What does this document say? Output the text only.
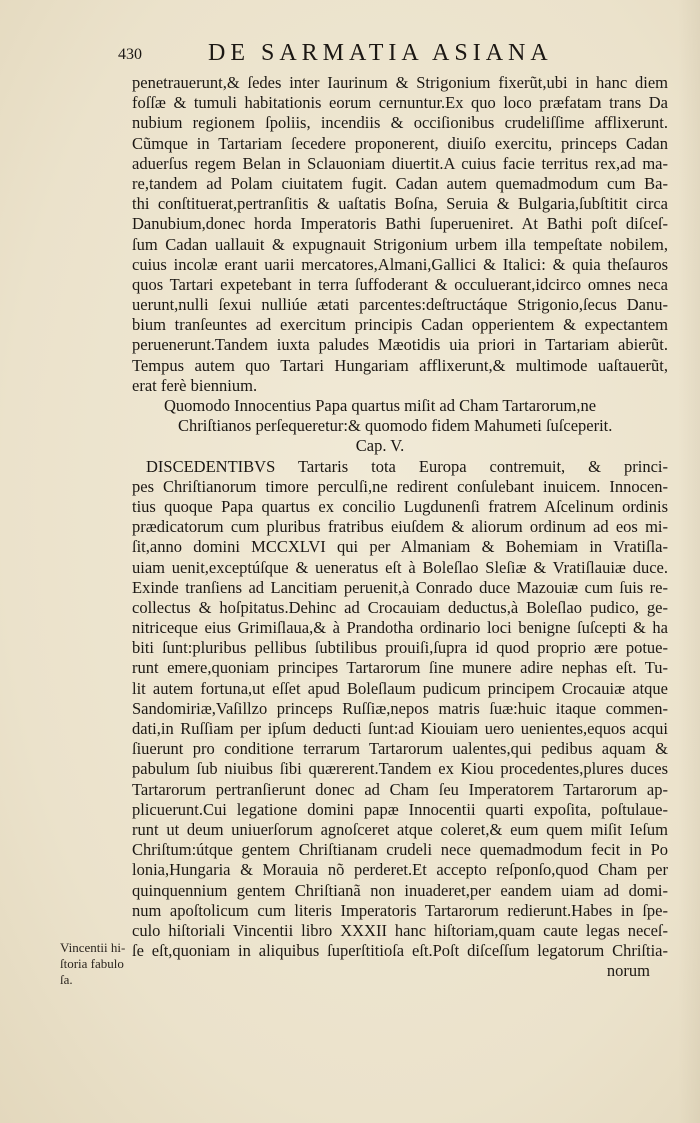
430	DE SARMATIA ASIANA
penetrauerunt,& ſedes inter Iaurinum & Strigonium fixerũt,ubi in hanc diem
foſſæ & tumuli habitationis eorum cernuntur.Ex quo loco præfatam trans Da
nubium regionem ſpoliis, incendiis & occiſionibus crudeliſſime afflixerunt.
Cũmque in Tartariam ſecedere proponerent, diuiſo exercitu, princeps Cadan
aduerſus regem Belan in Sclauoniam diuertit.A cuius facie territus rex,ad ma-
re,tandem ad Polam ciuitatem fugit. Cadan autem quemadmodum cum Ba-
thi conſtituerat,pertranſitis & uaſtatis Boſna, Seruia & Bulgaria,ſubſtitit circa
Danubium,donec horda Imperatoris Bathi ſuperueniret. At Bathi poſt diſceſ-
ſum Cadan uallauit & expugnauit Strigonium urbem illa tempeſtate nobilem,
cuius incolæ erant uarii mercatores,Almani,Gallici & Italici: & quia theſauros
quos Tartari expetebant in terra ſuffoderant & occuluerant,idcirco omnes neca
uerunt,nulli ſexui nulliúe ætati parcentes:deſtructáque Strigonio,ſecus Danu-
bium tranſeuntes ad exercitum principis Cadan opperientem & expectantem
peruenerunt.Tandem iuxta paludes Mæotidis uia priori in Tartariam abierũt.
Tempus autem quo Tartari Hungariam afflixerunt,& multimode uaſtauerũt,
erat ferè biennium.
Quomodo Innocentius Papa quartus miſit ad Cham Tartarorum,ne
Chriſtianos perſequeretur:& quomodo fidem Mahumeti ſuſceperit.
Cap. V.
DISCEDENTIBVS Tartaris tota Europa contremuit, & princi-
pes Chriſtianorum timore perculſi,ne redirent conſulebant inuicem. Innocen-
tius quoque Papa quartus ex concilio Lugdunenſi fratrem Aſcelinum ordinis
prædicatorum cum pluribus fratribus eiuſdem & aliorum ordinum ad eos mi-
ſit,anno domini MCCXLVI qui per Almaniam & Bohemiam in Vratiſla-
uiam uenit,exceptúſque & ueneratus eſt à Boleſlao Sleſiæ & Vratiſlauiæ duce.
Exinde tranſiens ad Lancitiam peruenit,à Conrado duce Mazouiæ cum ſuis re-
collectus & hoſpitatus.Dehinc ad Crocauiam deductus,à Boleſlao pudico, ge-
nitriceque eius Grimiſlaua,& à Prandotha ordinario loci benigne ſuſcepti & ha
biti ſunt:pluribus pellibus ſubtilibus prouiſi,ſupra id quod proprio ære potue-
runt emere,quoniam principes Tartarorum ſine munere adire nephas eſt. Tu-
lit autem fortuna,ut eſſet apud Boleſlaum pudicum principem Crocauiæ atque
Sandomiriæ,Vaſillzo princeps Ruſſiæ,nepos matris ſuæ:huic itaque commen-
dati,in Ruſſiam per ipſum deducti ſunt:ad Kiouiam uero uenientes,equos acqui
ſiuerunt pro conditione terrarum Tartarorum ualentes,qui pedibus aquam &
pabulum ſub niuibus ſibi quærerent.Tandem ex Kiou procedentes,plures duces
Tartarorum pertranſierunt donec ad Cham ſeu Imperatorem Tartarorum ap-
plicuerunt.Cui legatione domini papæ Innocentii quarti expoſita, poſtulaue-
runt ut deum uniuerſorum agnoſceret atque coleret,& eum quem miſit Ieſum
Chriſtum:útque gentem Chriſtianam crudeli nece quemadmodum fecit in Po
lonia,Hungaria & Morauia nõ perderet.Et accepto reſponſo,quod Cham per
quinquennium gentem Chriſtianã non inuaderet,per eandem uiam ad domi-
num apoſtolicum cum literis Imperatoris Tartarorum redierunt.Habes in ſpe-
culo hiſtoriali Vincentii libro XXXII hanc hiſtoriam,quam caute legas neceſ-
ſe eſt,quoniam in aliquibus ſuperſtitioſa eſt.Poſt diſceſſum legatorum Chriſtia-
norum
Vincentii hi-
ſtoria fabulo
ſa.
